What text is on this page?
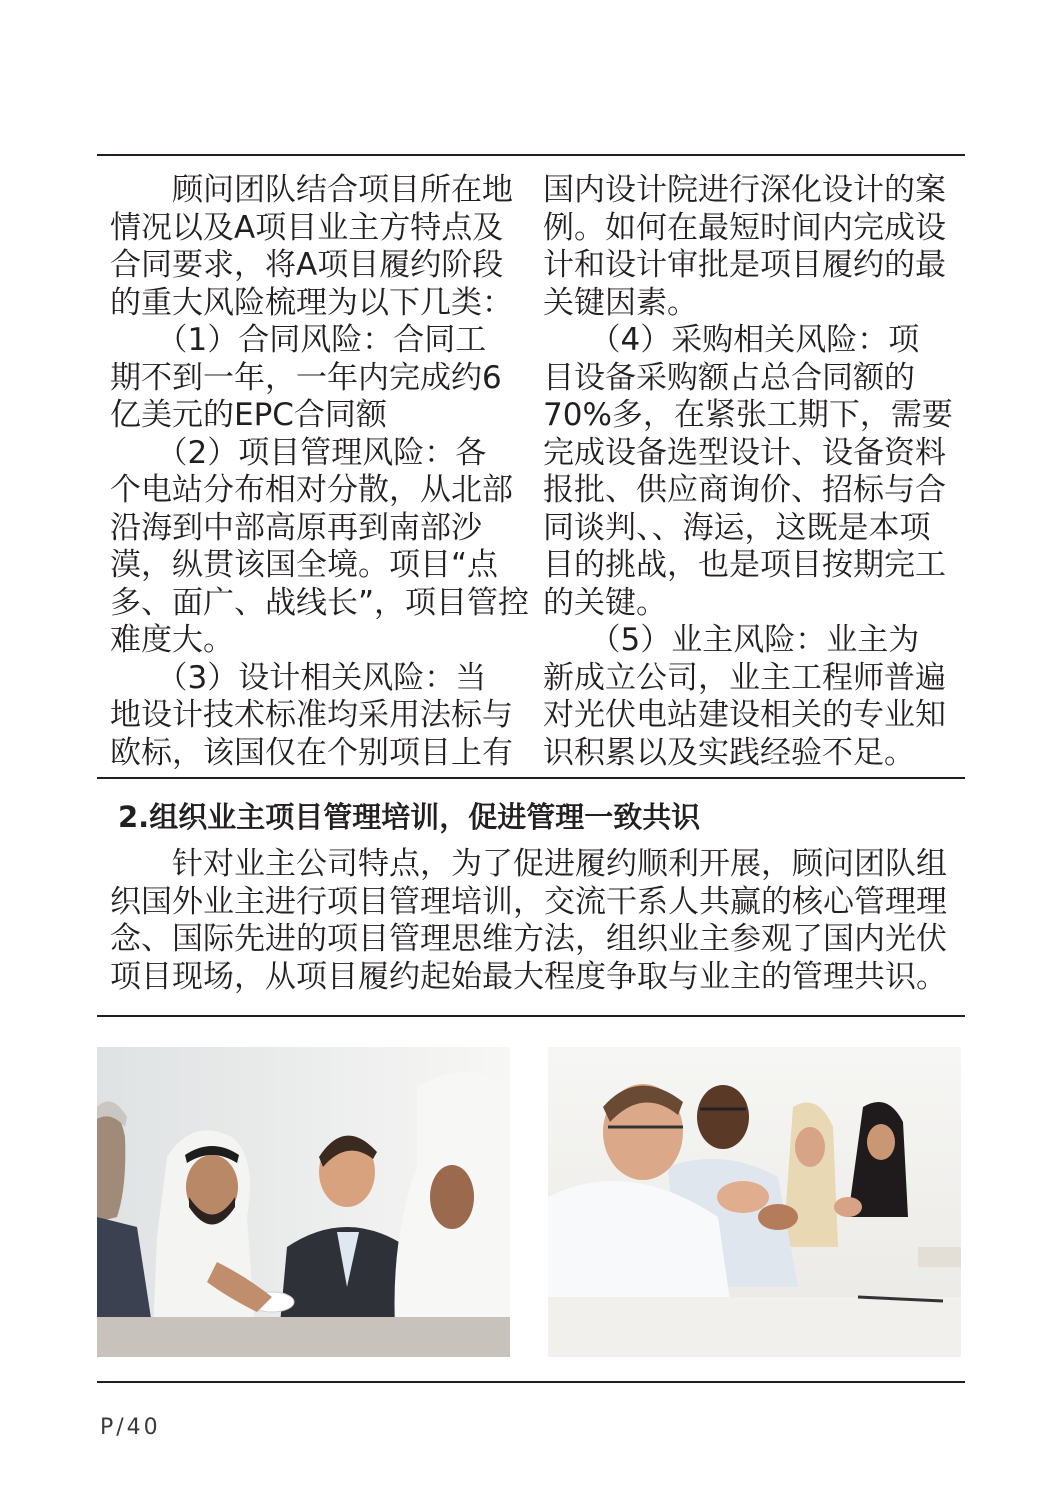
　　顾问团队结合项目所在地
情况以及A项目业主方特点及
合同要求，将A项目履约阶段
的重大风险梳理为以下几类：
　　（1）合同风险：合同工
期不到一年，一年内完成约6
亿美元的EPC合同额
　　（2）项目管理风险：各
个电站分布相对分散，从北部
沿海到中部高原再到南部沙
漠，纵贯该国全境。项目“点
多、面广、战线长”，项目管控
难度大。
　　（3）设计相关风险：当
地设计技术标准均采用法标与
欧标，该国仅在个别项目上有
国内设计院进行深化设计的案
例。如何在最短时间内完成设
计和设计审批是项目履约的最
关键因素。
　　（4）采购相关风险：项
目设备采购额占总合同额的
70%多，在紧张工期下，需要
完成设备选型设计、设备资料
报批、供应商询价、招标与合
同谈判、、海运，这既是本项
目的挑战，也是项目按期完工
的关键。
　　（5）业主风险：业主为
新成立公司，业主工程师普遍
对光伏电站建设相关的专业知
识积累以及实践经验不足。
2.组织业主项目管理培训，促进管理一致共识
　　针对业主公司特点，为了促进履约顺利开展，顾问团队组
织国外业主进行项目管理培训，交流干系人共赢的核心管理理
念、国际先进的项目管理思维方法，组织业主参观了国内光伏
项目现场，从项目履约起始最大程度争取与业主的管理共识。
P/40
